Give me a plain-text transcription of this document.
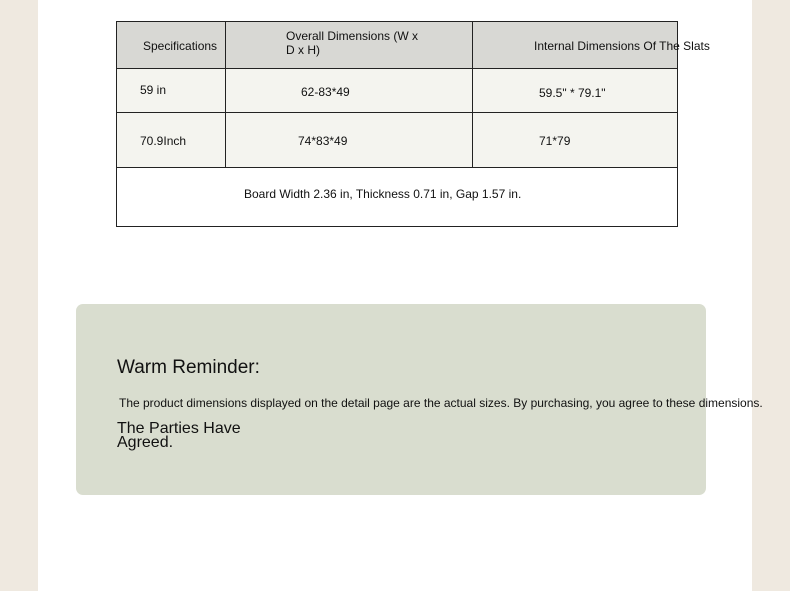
Specifications	Overall Dimensions (W x D x H)	Internal Dimensions Of The Slats

59 in	62-83*49	59.5" * 79.1"

70.9Inch	74*83*49	71*79

Board Width 2.36 in, Thickness 0.71 in, Gap 1.57 in.		
Warm Reminder:
The product dimensions displayed on the detail page are the actual sizes. By purchasing, you agree to these dimensions.
The Parties Have Agreed.
